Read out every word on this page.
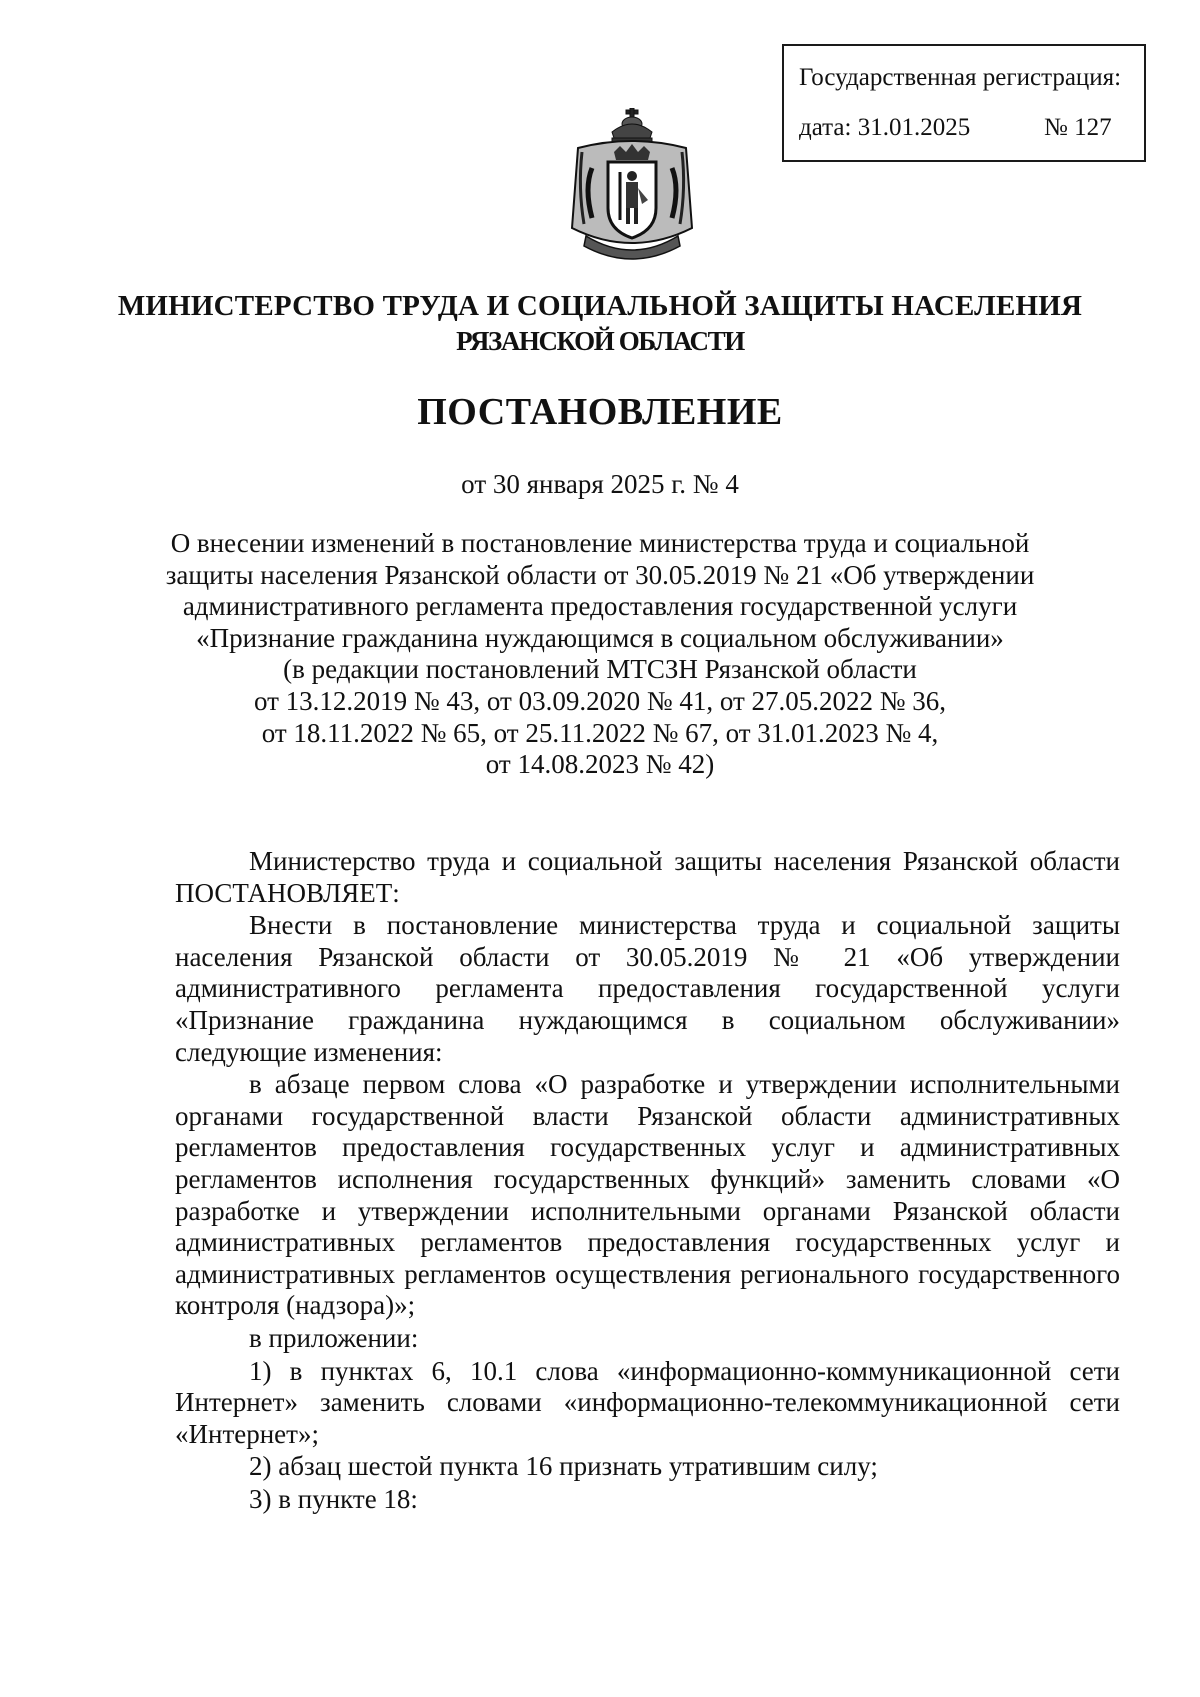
Государственная регистрация:
дата: 31.01.2025	№ 127
МИНИСТЕРСТВО ТРУДА И СОЦИАЛЬНОЙ ЗАЩИТЫ НАСЕЛЕНИЯ
РЯЗАНСКОЙ ОБЛАСТИ
ПОСТАНОВЛЕНИЕ
от 30 января 2025 г. № 4
О внесении изменений в постановление министерства труда и социальной
защиты населения Рязанской области от 30.05.2019 № 21 «Об утверждении
административного регламента предоставления государственной услуги
«Признание гражданина нуждающимся в социальном обслуживании»
(в редакции постановлений МТСЗН Рязанской области
от 13.12.2019 № 43, от 03.09.2020 № 41, от 27.05.2022 № 36,
от 18.11.2022 № 65, от 25.11.2022 № 67, от 31.01.2023 № 4,
от 14.08.2023 № 42)

Министерство труда и социальной защиты населения Рязанской области ПОСТАНОВЛЯЕТ:

Внести в постановление министерства труда и социальной защиты населения Рязанской области от 30.05.2019 № 21 «Об утверждении административного регламента предоставления государственной услуги «Признание гражданина нуждающимся в социальном обслуживании» следующие изменения:

в абзаце первом слова «О разработке и утверждении исполнительными органами государственной власти Рязанской области административных регламентов предоставления государственных услуг и административных регламентов исполнения государственных функций» заменить словами «О разработке и утверждении исполнительными органами Рязанской области административных регламентов предоставления государственных услуг и административных регламентов осуществления регионального государственного контроля (надзора)»;

в приложении:

1) в пунктах 6, 10.1 слова «информационно-коммуникационной сети Интернет» заменить словами «информационно-телекоммуникационной сети «Интернет»;

2) абзац шестой пункта 16 признать утратившим силу;

3) в пункте 18:
